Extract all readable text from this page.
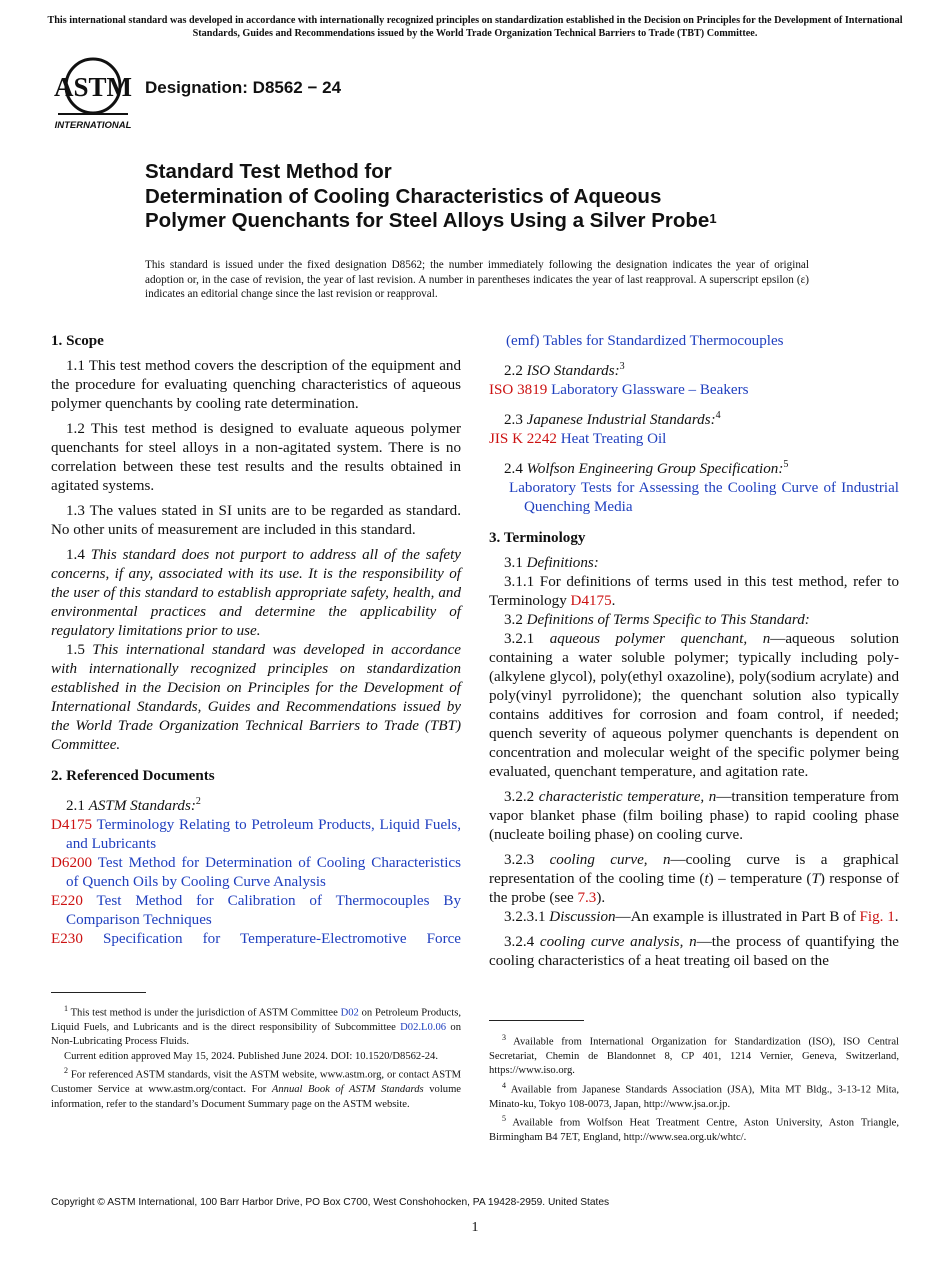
This international standard was developed in accordance with internationally recognized principles on standardization established in the Decision on Principles for the Development of International Standards, Guides and Recommendations issued by the World Trade Organization Technical Barriers to Trade (TBT) Committee.
ASTM
INTERNATIONAL
Designation: D8562 − 24
Standard Test Method for
Determination of Cooling Characteristics of Aqueous
Polymer Quenchants for Steel Alloys Using a Silver Probe$^1$
This standard is issued under the fixed designation D8562; the number immediately following the designation indicates the year of original adoption or, in the case of revision, the year of last revision. A number in parentheses indicates the year of last reapproval. A superscript epsilon (ε) indicates an editorial change since the last revision or reapproval.

1. Scope

1.1 This test method covers the description of the equipment and the procedure for evaluating quenching characteristics of aqueous polymer quenchants by cooling rate determination.

1.2 This test method is designed to evaluate aqueous polymer quenchants for steel alloys in a non-agitated system. There is no correlation between these test results and the results obtained in agitated systems.

1.3 The values stated in SI units are to be regarded as standard. No other units of measurement are included in this standard.

1.4 This standard does not purport to address all of the safety concerns, if any, associated with its use. It is the responsibility of the user of this standard to establish appropriate safety, health, and environmental practices and determine the applicability of regulatory limitations prior to use.

1.5 This international standard was developed in accordance with internationally recognized principles on standardization established in the Decision on Principles for the Development of International Standards, Guides and Recommendations issued by the World Trade Organization Technical Barriers to Trade (TBT) Committee.

2. Referenced Documents

2.1 ASTM Standards:$^2$

D4175 Terminology Relating to Petroleum Products, Liquid Fuels, and Lubricants

D6200 Test Method for Determination of Cooling Characteristics of Quench Oils by Cooling Curve Analysis

E220 Test Method for Calibration of Thermocouples By Comparison Techniques

E230 Specification for Temperature-Electromotive Force

(emf) Tables for Standardized Thermocouples

2.2 ISO Standards:$^3$

ISO 3819 Laboratory Glassware – Beakers

2.3 Japanese Industrial Standards:$^4$

JIS K 2242 Heat Treating Oil

2.4 Wolfson Engineering Group Specification:$^5$

Laboratory Tests for Assessing the Cooling Curve of Industrial Quenching Media

3. Terminology

3.1 Definitions:

3.1.1 For definitions of terms used in this test method, refer to Terminology D4175.

3.2 Definitions of Terms Specific to This Standard:

3.2.1 aqueous polymer quenchant, n—aqueous solution containing a water soluble polymer; typically including poly-(alkylene glycol), poly(ethyl oxazoline), poly(sodium acrylate) and poly(vinyl pyrrolidone); the quenchant solution also typically contains additives for corrosion and foam control, if needed; quench severity of aqueous polymer quenchants is dependent on concentration and molecular weight of the specific polymer being evaluated, quenchant temperature, and agitation rate.

3.2.2 characteristic temperature, n—transition temperature from vapor blanket phase (film boiling phase) to rapid cooling phase (nucleate boiling phase) on cooling curve.

3.2.3 cooling curve, n—cooling curve is a graphical representation of the cooling time (t) – temperature (T) response of the probe (see 7.3).

3.2.3.1 Discussion—An example is illustrated in Part B of Fig. 1.

3.2.4 cooling curve analysis, n—the process of quantifying the cooling characteristics of a heat treating oil based on the

$^1$ This test method is under the jurisdiction of ASTM Committee D02 on Petroleum Products, Liquid Fuels, and Lubricants and is the direct responsibility of Subcommittee D02.L0.06 on Non-Lubricating Process Fluids.

Current edition approved May 15, 2024. Published June 2024. DOI: 10.1520/D8562-24.

$^2$ For referenced ASTM standards, visit the ASTM website, www.astm.org, or contact ASTM Customer Service at www.astm.org/contact. For Annual Book of ASTM Standards volume information, refer to the standard’s Document Summary page on the ASTM website.

$^3$ Available from International Organization for Standardization (ISO), ISO Central Secretariat, Chemin de Blandonnet 8, CP 401, 1214 Vernier, Geneva, Switzerland, https://www.iso.org.

$^4$ Available from Japanese Standards Association (JSA), Mita MT Bldg., 3-13-12 Mita, Minato-ku, Tokyo 108-0073, Japan, http://www.jsa.or.jp.

$^5$ Available from Wolfson Heat Treatment Centre, Aston University, Aston Triangle, Birmingham B4 7ET, England, http://www.sea.org.uk/whtc/.

Copyright © ASTM International, 100 Barr Harbor Drive, PO Box C700, West Conshohocken, PA 19428-2959. United States
1
